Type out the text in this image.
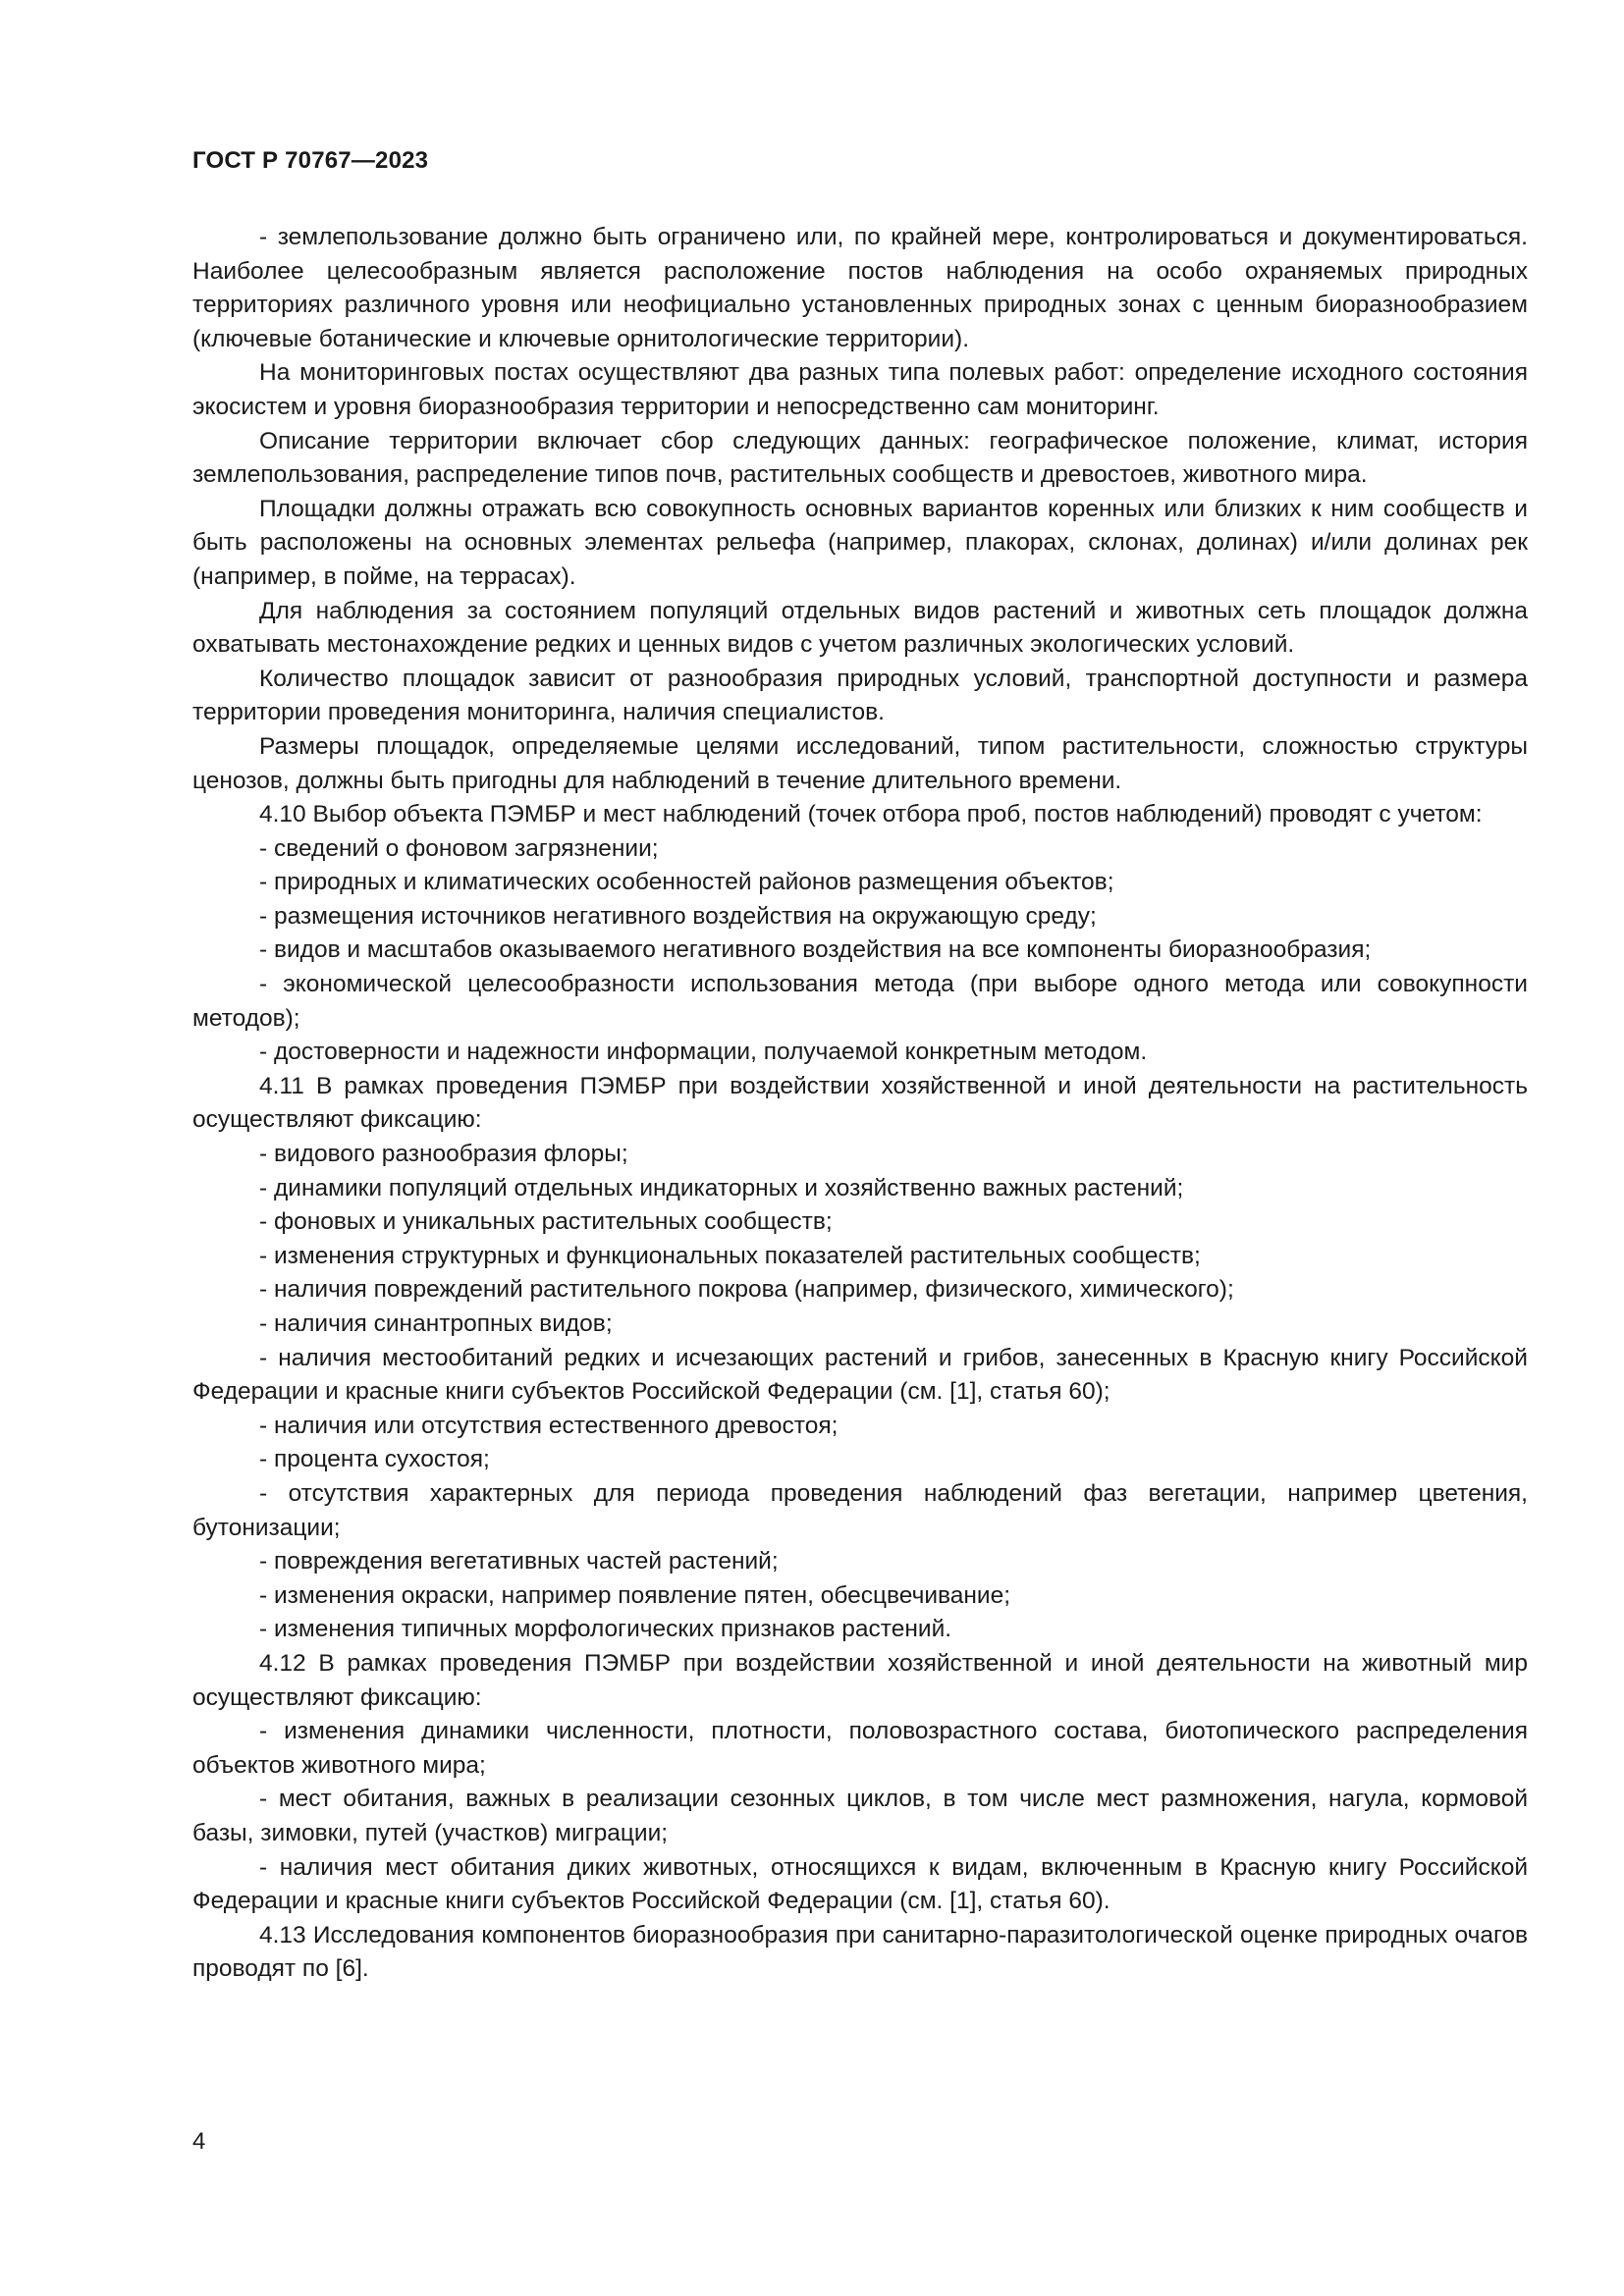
ГОСТ Р 70767—2023

- землепользование должно быть ограничено или, по крайней мере, контролироваться и документироваться. Наиболее целесообразным является расположение постов наблюдения на особо охраняемых природных территориях различного уровня или неофициально установленных природных зонах с ценным биоразнообразием (ключевые ботанические и ключевые орнитологические территории).

На мониторинговых постах осуществляют два разных типа полевых работ: определение исходного состояния экосистем и уровня биоразнообразия территории и непосредственно сам мониторинг.

Описание территории включает сбор следующих данных: географическое положение, климат, история землепользования, распределение типов почв, растительных сообществ и древостоев, животного мира.

Площадки должны отражать всю совокупность основных вариантов коренных или близких к ним сообществ и быть расположены на основных элементах рельефа (например, плакорах, склонах, долинах) и/или долинах рек (например, в пойме, на террасах).

Для наблюдения за состоянием популяций отдельных видов растений и животных сеть площадок должна охватывать местонахождение редких и ценных видов с учетом различных экологических условий.

Количество площадок зависит от разнообразия природных условий, транспортной доступности и размера территории проведения мониторинга, наличия специалистов.

Размеры площадок, определяемые целями исследований, типом растительности, сложностью структуры ценозов, должны быть пригодны для наблюдений в течение длительного времени.

4.10 Выбор объекта ПЭМБР и мест наблюдений (точек отбора проб, постов наблюдений) проводят с учетом:

- сведений о фоновом загрязнении;

- природных и климатических особенностей районов размещения объектов;

- размещения источников негативного воздействия на окружающую среду;

- видов и масштабов оказываемого негативного воздействия на все компоненты биоразнообразия;

- экономической целесообразности использования метода (при выборе одного метода или совокупности методов);

- достоверности и надежности информации, получаемой конкретным методом.

4.11 В рамках проведения ПЭМБР при воздействии хозяйственной и иной деятельности на растительность осуществляют фиксацию:

- видового разнообразия флоры;

- динамики популяций отдельных индикаторных и хозяйственно важных растений;

- фоновых и уникальных растительных сообществ;

- изменения структурных и функциональных показателей растительных сообществ;

- наличия повреждений растительного покрова (например, физического, химического);

- наличия синантропных видов;

- наличия местообитаний редких и исчезающих растений и грибов, занесенных в Красную книгу Российской Федерации и красные книги субъектов Российской Федерации (см. [1], статья 60);

- наличия или отсутствия естественного древостоя;

- процента сухостоя;

- отсутствия характерных для периода проведения наблюдений фаз вегетации, например цветения, бутонизации;

- повреждения вегетативных частей растений;

- изменения окраски, например появление пятен, обесцвечивание;

- изменения типичных морфологических признаков растений.

4.12 В рамках проведения ПЭМБР при воздействии хозяйственной и иной деятельности на животный мир осуществляют фиксацию:

- изменения динамики численности, плотности, половозрастного состава, биотопического распределения объектов животного мира;

- мест обитания, важных в реализации сезонных циклов, в том числе мест размножения, нагула, кормовой базы, зимовки, путей (участков) миграции;

- наличия мест обитания диких животных, относящихся к видам, включенным в Красную книгу Российской Федерации и красные книги субъектов Российской Федерации (см. [1], статья 60).

4.13 Исследования компонентов биоразнообразия при санитарно-паразитологической оценке природных очагов проводят по [6].

4
